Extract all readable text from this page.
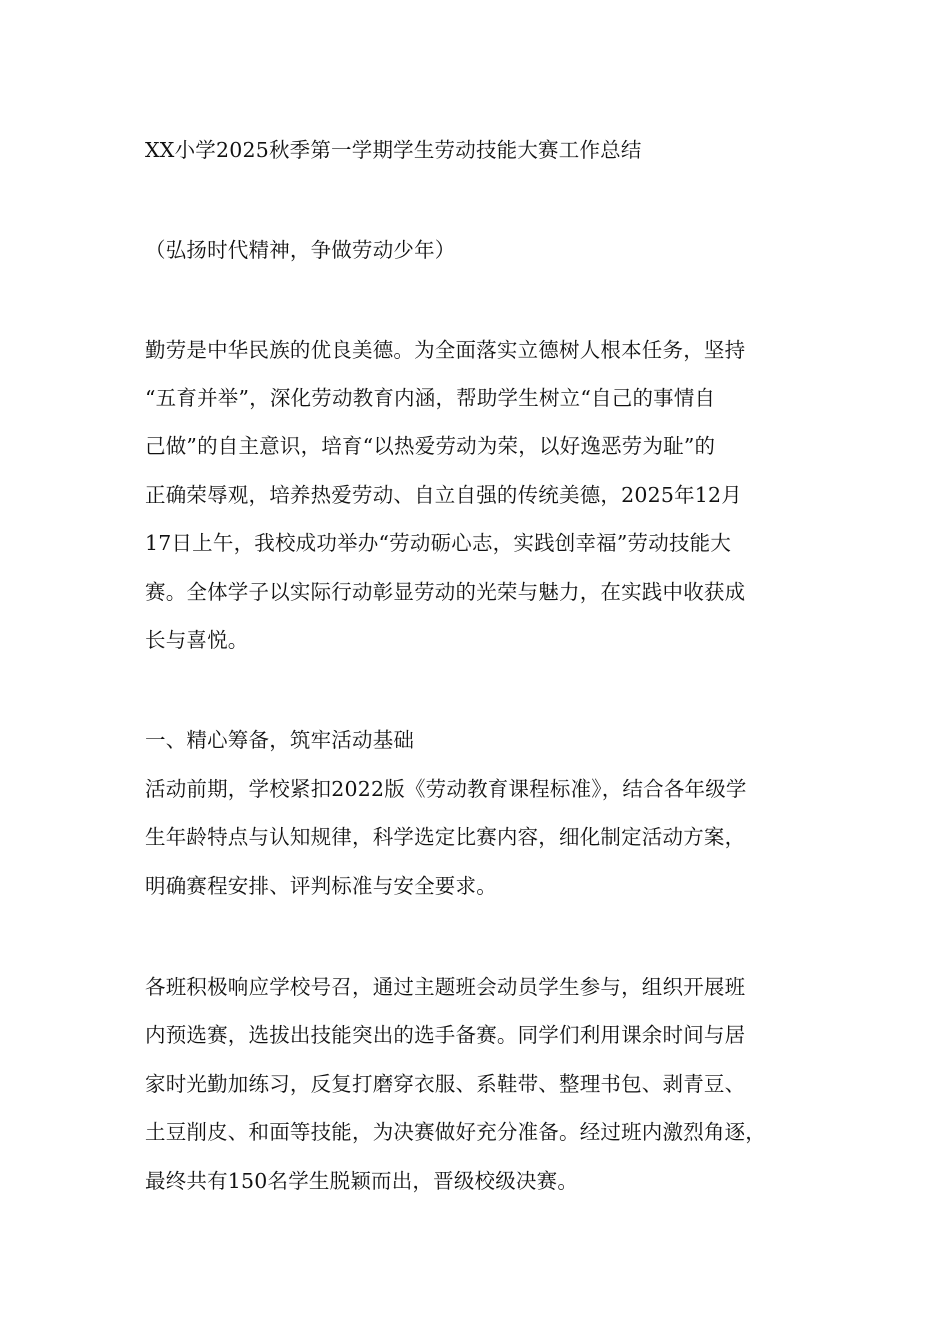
XX小学2025秋季第一学期学生劳动技能大赛工作总结
（弘扬时代精神，争做劳动少年）
勤劳是中华民族的优良美德。为全面落实立德树人根本任务，坚持
“五育并举”，深化劳动教育内涵，帮助学生树立“自己的事情自
己做”的自主意识，培育“以热爱劳动为荣，以好逸恶劳为耻”的
正确荣辱观，培养热爱劳动、自立自强的传统美德，2025年12月
17日上午，我校成功举办“劳动砺心志，实践创幸福”劳动技能大
赛。全体学子以实际行动彰显劳动的光荣与魅力，在实践中收获成
长与喜悦。
一、精心筹备，筑牢活动基础
活动前期，学校紧扣2022版《劳动教育课程标准》，结合各年级学
生年龄特点与认知规律，科学选定比赛内容，细化制定活动方案，
明确赛程安排、评判标准与安全要求。
各班积极响应学校号召，通过主题班会动员学生参与，组织开展班
内预选赛，选拔出技能突出的选手备赛。同学们利用课余时间与居
家时光勤加练习，反复打磨穿衣服、系鞋带、整理书包、剥青豆、
土豆削皮、和面等技能，为决赛做好充分准备。经过班内激烈角逐，
最终共有150名学生脱颖而出，晋级校级决赛。
